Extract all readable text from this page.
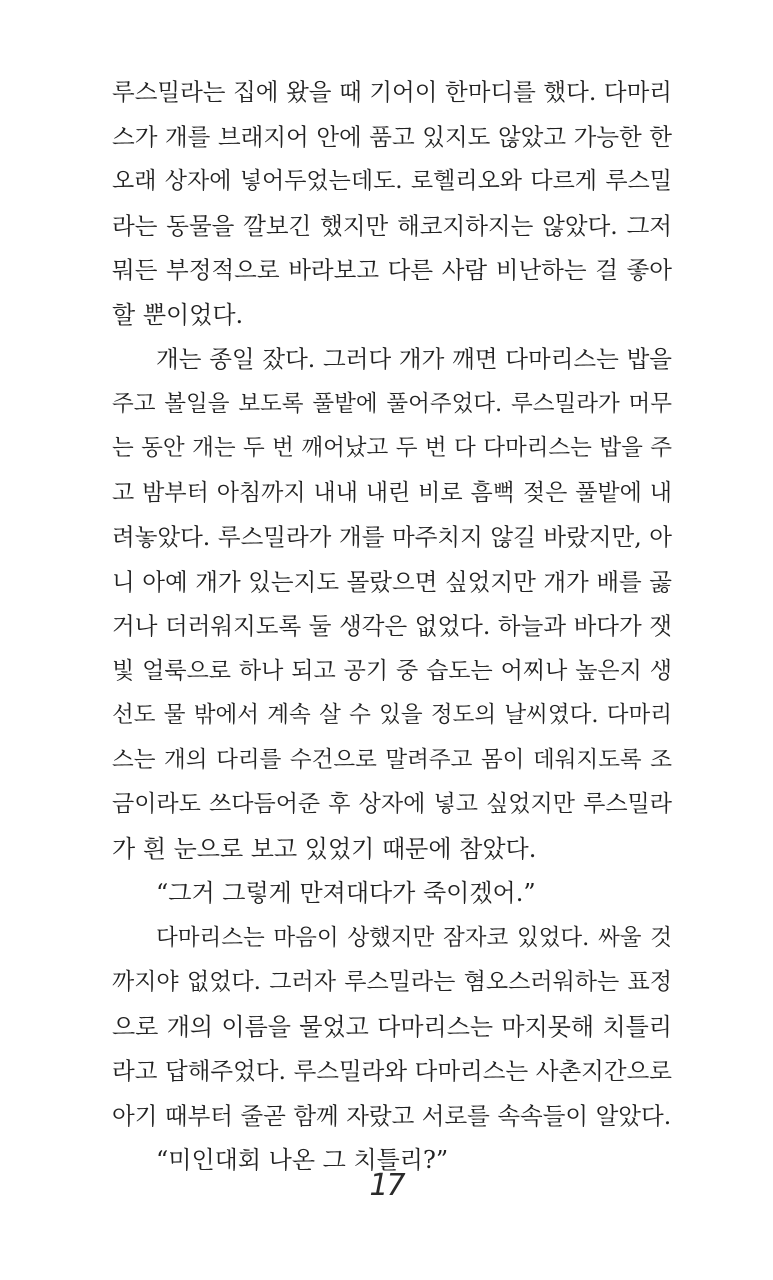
루스밀라는 집에 왔을 때 기어이 한마디를 했다. 다마리
스가 개를 브래지어 안에 품고 있지도 않았고 가능한 한
오래 상자에 넣어두었는데도. 로헬리오와 다르게 루스밀
라는 동물을 깔보긴 했지만 해코지하지는 않았다. 그저
뭐든 부정적으로 바라보고 다른 사람 비난하는 걸 좋아
할 뿐이었다.
개는 종일 잤다. 그러다 개가 깨면 다마리스는 밥을
주고 볼일을 보도록 풀밭에 풀어주었다. 루스밀라가 머무
는 동안 개는 두 번 깨어났고 두 번 다 다마리스는 밥을 주
고 밤부터 아침까지 내내 내린 비로 흠뻑 젖은 풀밭에 내
려놓았다. 루스밀라가 개를 마주치지 않길 바랐지만, 아
니 아예 개가 있는지도 몰랐으면 싶었지만 개가 배를 곯
거나 더러워지도록 둘 생각은 없었다. 하늘과 바다가 잿
빛 얼룩으로 하나 되고 공기 중 습도는 어찌나 높은지 생
선도 물 밖에서 계속 살 수 있을 정도의 날씨였다. 다마리
스는 개의 다리를 수건으로 말려주고 몸이 데워지도록 조
금이라도 쓰다듬어준 후 상자에 넣고 싶었지만 루스밀라
가 흰 눈으로 보고 있었기 때문에 참았다.
“그거 그렇게 만져대다가 죽이겠어.”
다마리스는 마음이 상했지만 잠자코 있었다. 싸울 것
까지야 없었다. 그러자 루스밀라는 혐오스러워하는 표정
으로 개의 이름을 물었고 다마리스는 마지못해 치틀리
라고 답해주었다. 루스밀라와 다마리스는 사촌지간으로
아기 때부터 줄곧 함께 자랐고 서로를 속속들이 알았다.
“미인대회 나온 그 치틀리?”
17
